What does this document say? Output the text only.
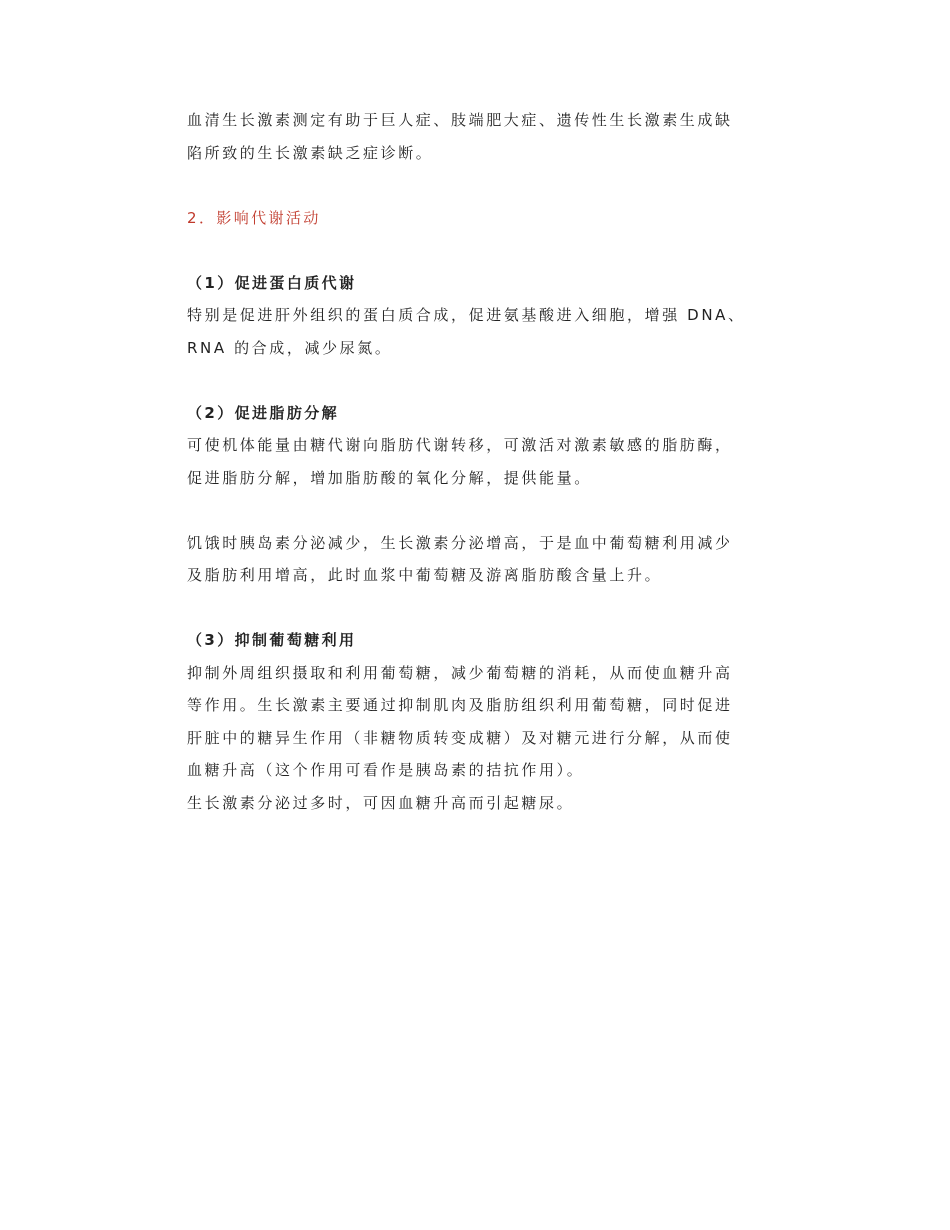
血清生长激素测定有助于巨人症、肢端肥大症、遗传性生长激素生成缺
陷所致的生长激素缺乏症诊断。

2．影响代谢活动

（1）促进蛋白质代谢

特别是促进肝外组织的蛋白质合成，促进氨基酸进入细胞，增强 DNA、
RNA 的合成，减少尿氮。

（2）促进脂肪分解

可使机体能量由糖代谢向脂肪代谢转移，可激活对激素敏感的脂肪酶，
促进脂肪分解，增加脂肪酸的氧化分解，提供能量。

饥饿时胰岛素分泌减少，生长激素分泌增高，于是血中葡萄糖利用减少
及脂肪利用增高，此时血浆中葡萄糖及游离脂肪酸含量上升。

（3）抑制葡萄糖利用

抑制外周组织摄取和利用葡萄糖，减少葡萄糖的消耗，从而使血糖升高
等作用。生长激素主要通过抑制肌肉及脂肪组织利用葡萄糖，同时促进
肝脏中的糖异生作用（非糖物质转变成糖）及对糖元进行分解，从而使
血糖升高（这个作用可看作是胰岛素的拮抗作用）。
生长激素分泌过多时，可因血糖升高而引起糖尿。
